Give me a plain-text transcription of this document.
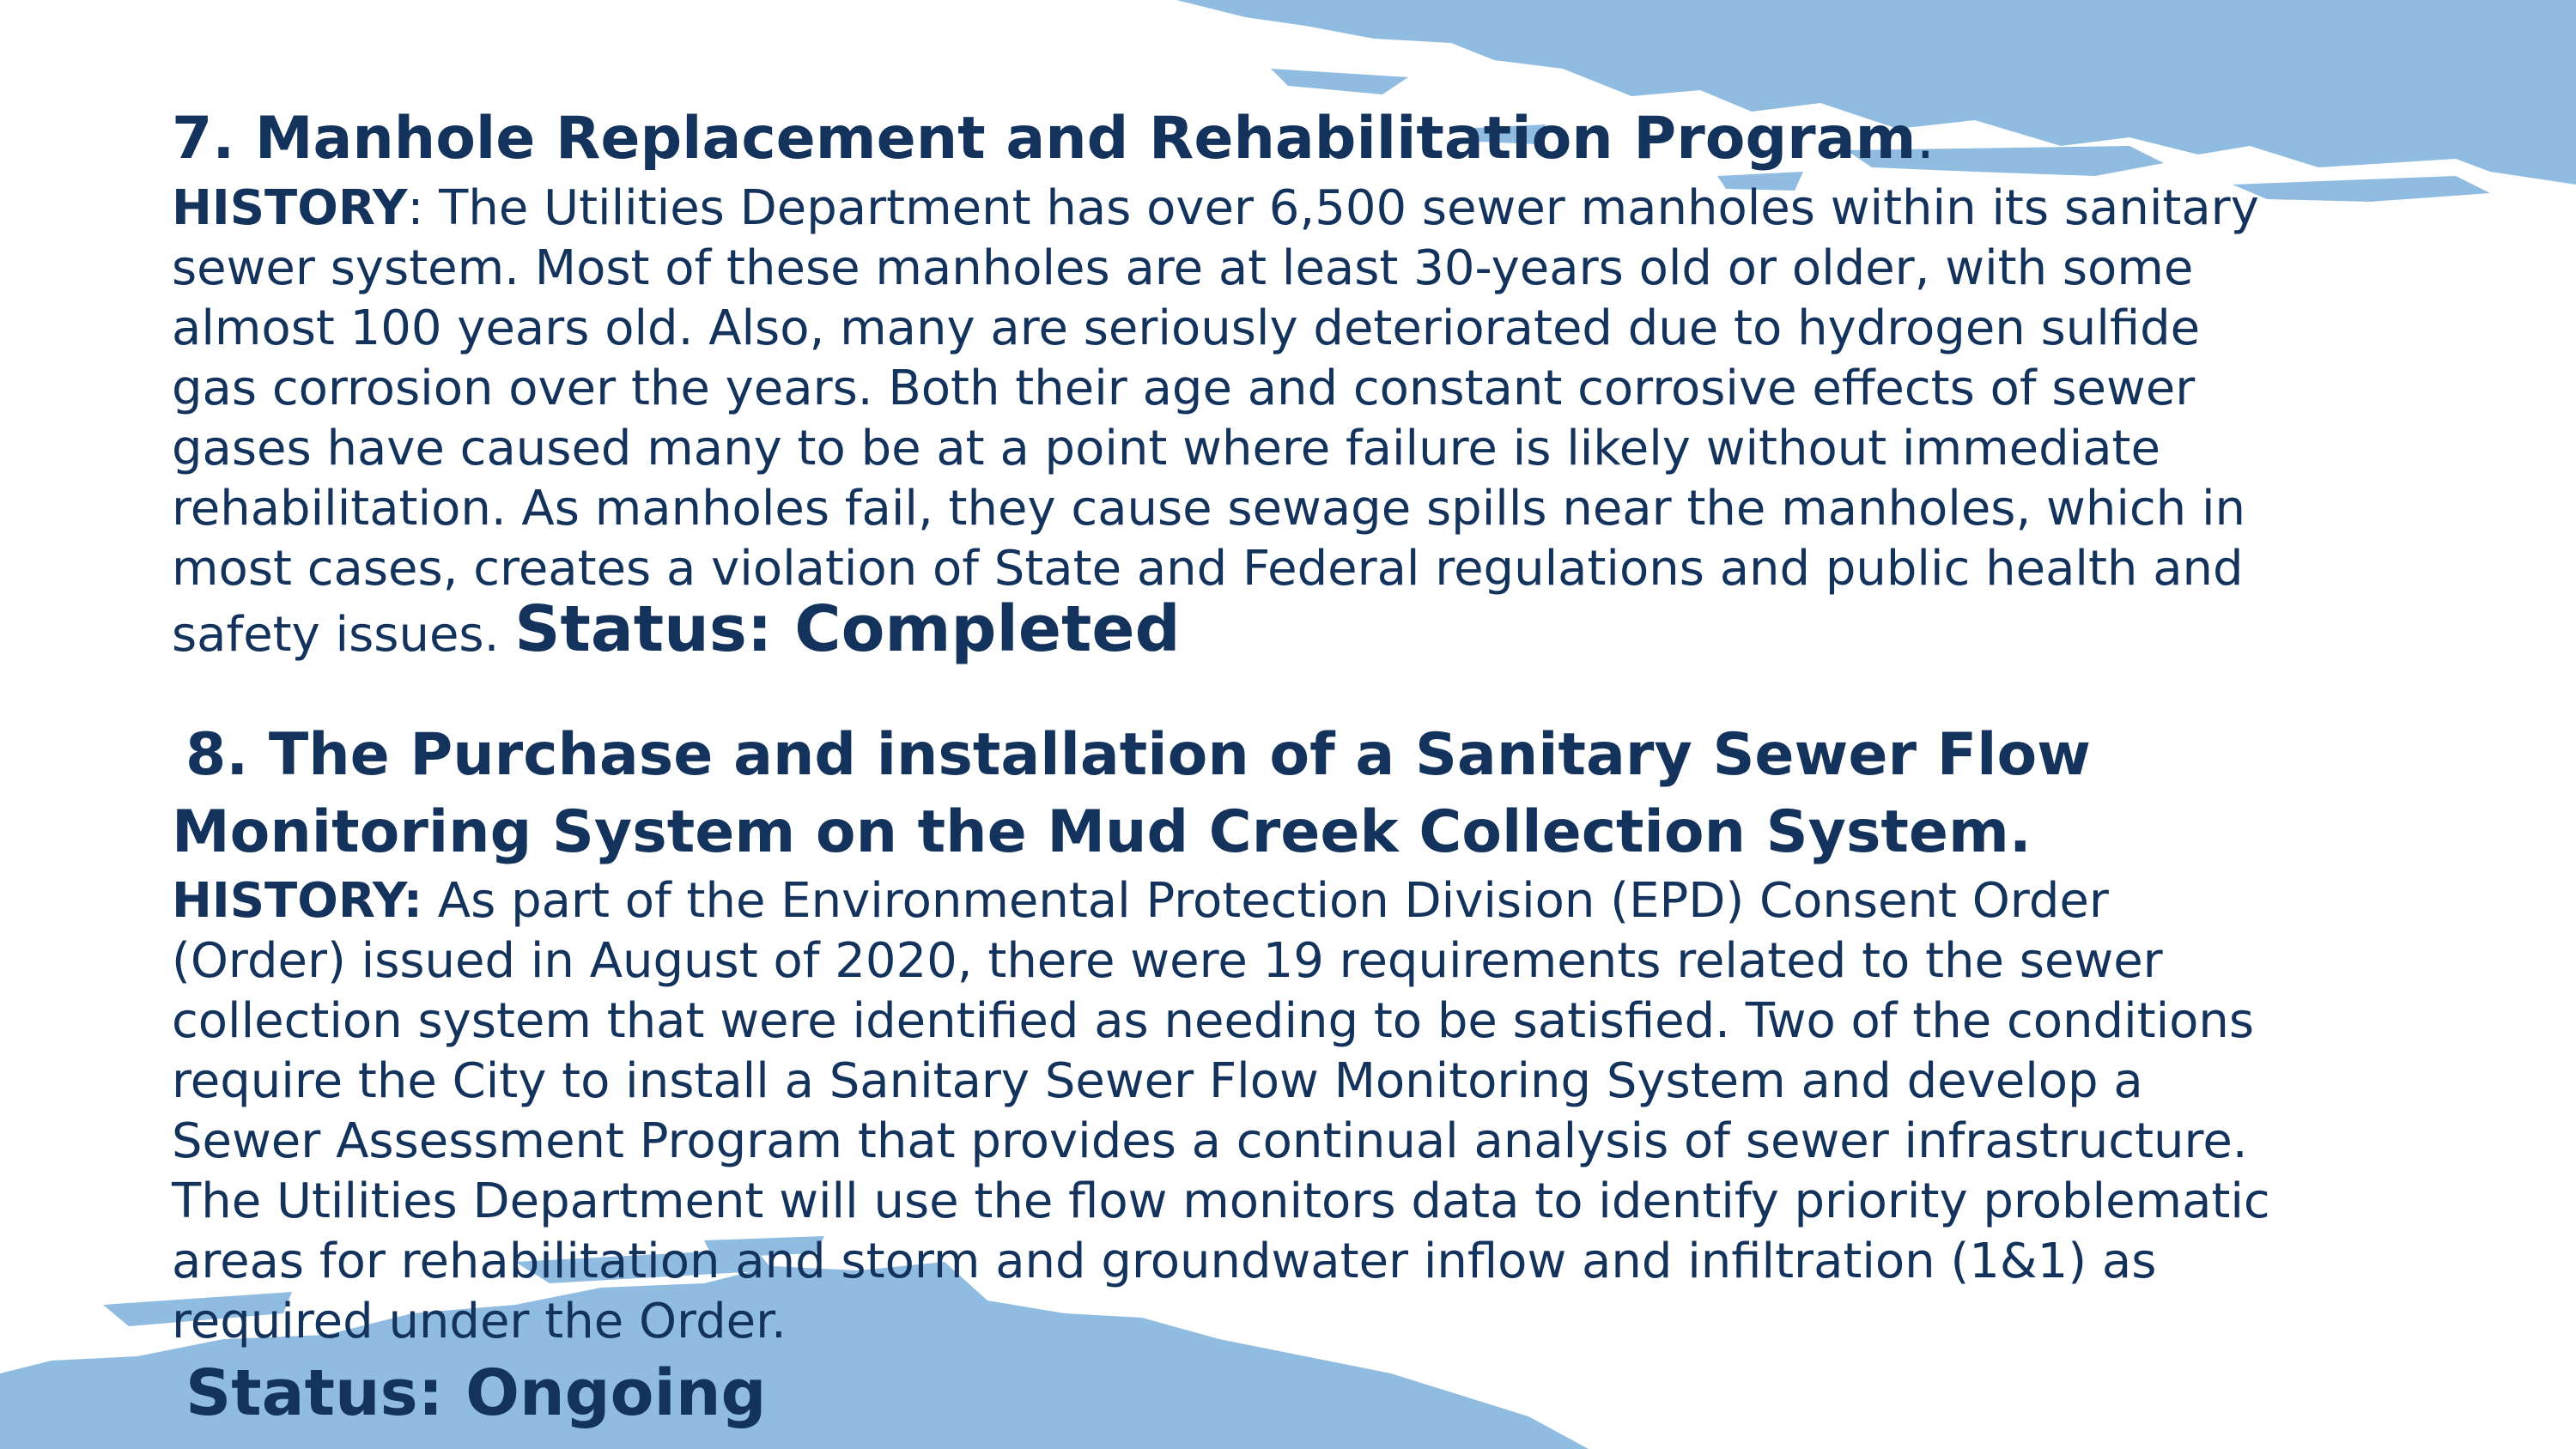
7. Manhole Replacement and Rehabilitation Program.

HISTORY: The Utilities Department has over 6,500 sewer manholes within its sanitary sewer system. Most of these manholes are at least 30-years old or older, with some almost 100 years old. Also, many are seriously deteriorated due to hydrogen sulfide gas corrosion over the years. Both their age and constant corrosive effects of sewer gases have caused many to be at a point where failure is likely without immediate rehabilitation. As manholes fail, they cause sewage spills near the manholes, which in most cases, creates a violation of State and Federal regulations and public health and safety issues. Status: Completed

8. The Purchase and installation of a Sanitary Sewer Flow
Monitoring System on the Mud Creek Collection System.

HISTORY: As part of the Environmental Protection Division (EPD) Consent Order (Order) issued in August of 2020, there were 19 requirements related to the sewer collection system that were identified as needing to be satisfied. Two of the conditions require the City to install a Sanitary Sewer Flow Monitoring System and develop a Sewer Assessment Program that provides a continual analysis of sewer infrastructure. The Utilities Department will use the flow monitors data to identify priority problematic areas for rehabilitation and storm and groundwater inflow and infiltration (1&1) as required under the Order.

Status: Ongoing
